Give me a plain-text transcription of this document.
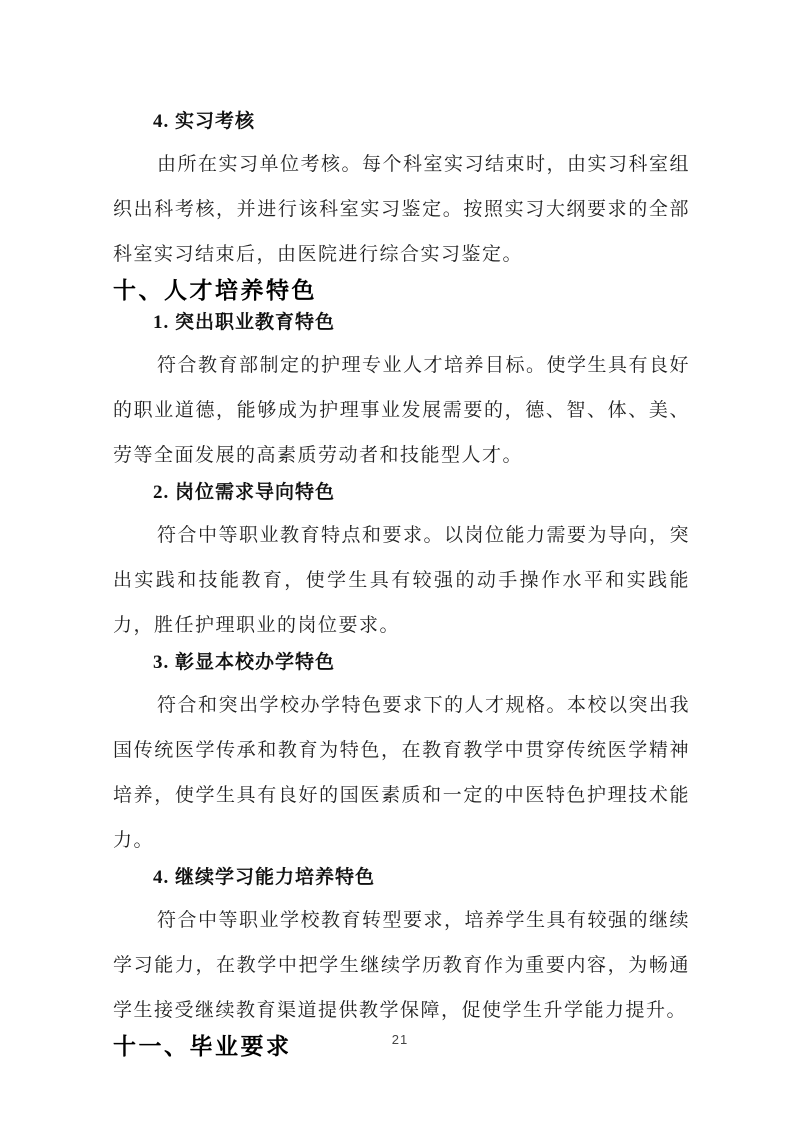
4. 实习考核

由所在实习单位考核。每个科室实习结束时，由实习科室组织出科考核，并进行该科室实习鉴定。按照实习大纲要求的全部科室实习结束后，由医院进行综合实习鉴定。

十、人才培养特色

1. 突出职业教育特色

符合教育部制定的护理专业人才培养目标。使学生具有良好的职业道德，能够成为护理事业发展需要的，德、智、体、美、劳等全面发展的高素质劳动者和技能型人才。

2. 岗位需求导向特色

符合中等职业教育特点和要求。以岗位能力需要为导向，突出实践和技能教育，使学生具有较强的动手操作水平和实践能力，胜任护理职业的岗位要求。

3. 彰显本校办学特色

符合和突出学校办学特色要求下的人才规格。本校以突出我国传统医学传承和教育为特色，在教育教学中贯穿传统医学精神培养，使学生具有良好的国医素质和一定的中医特色护理技术能力。

4. 继续学习能力培养特色

符合中等职业学校教育转型要求，培养学生具有较强的继续学习能力，在教学中把学生继续学历教育作为重要内容，为畅通学生接受继续教育渠道提供教学保障，促使学生升学能力提升。

十一、毕业要求	21
